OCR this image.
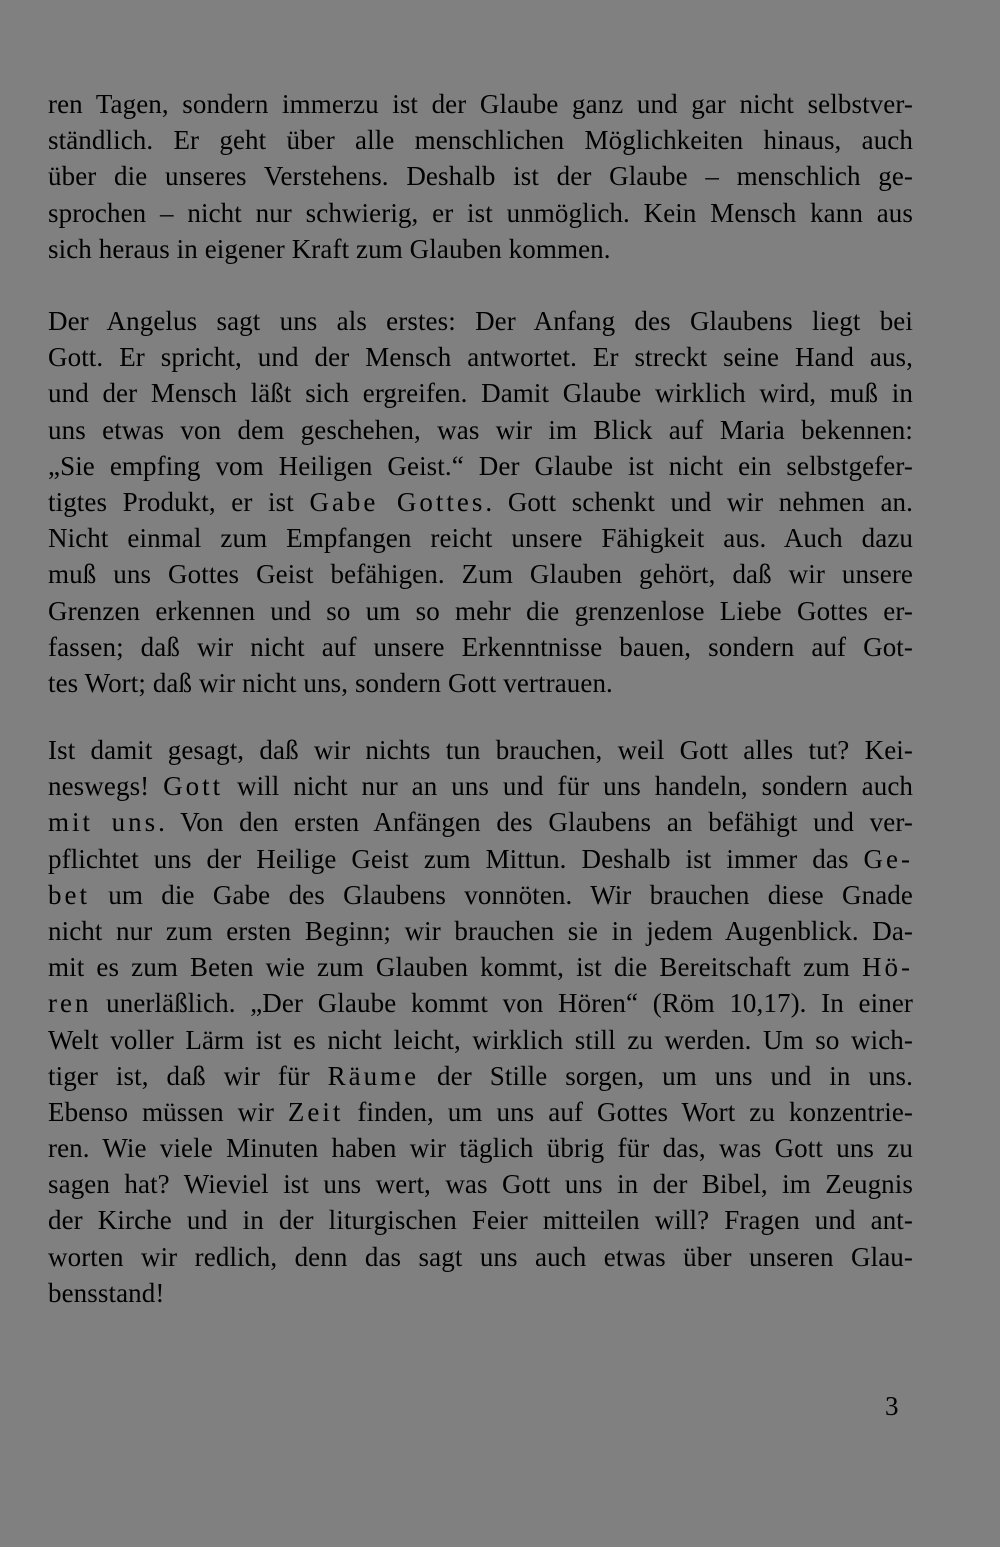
ren Tagen, sondern immerzu ist der Glaube ganz und gar nicht selbstver-
ständlich. Er geht über alle menschlichen Möglichkeiten hinaus, auch
über die unseres Verstehens. Deshalb ist der Glaube – menschlich ge-
sprochen – nicht nur schwierig, er ist unmöglich. Kein Mensch kann aus
sich heraus in eigener Kraft zum Glauben kommen.
Der Angelus sagt uns als erstes: Der Anfang des Glaubens liegt bei
Gott. Er spricht, und der Mensch antwortet. Er streckt seine Hand aus,
und der Mensch läßt sich ergreifen. Damit Glaube wirklich wird, muß in
uns etwas von dem geschehen, was wir im Blick auf Maria bekennen:
„Sie empfing vom Heiligen Geist.“ Der Glaube ist nicht ein selbstgefer-
tigtes Produkt, er ist Gabe Gottes. Gott schenkt und wir nehmen an.
Nicht einmal zum Empfangen reicht unsere Fähigkeit aus. Auch dazu
muß uns Gottes Geist befähigen. Zum Glauben gehört, daß wir unsere
Grenzen erkennen und so um so mehr die grenzenlose Liebe Gottes er-
fassen; daß wir nicht auf unsere Erkenntnisse bauen, sondern auf Got-
tes Wort; daß wir nicht uns, sondern Gott vertrauen.
Ist damit gesagt, daß wir nichts tun brauchen, weil Gott alles tut? Kei-
neswegs! Gott will nicht nur an uns und für uns handeln, sondern auch
mit uns. Von den ersten Anfängen des Glaubens an befähigt und ver-
pflichtet uns der Heilige Geist zum Mittun. Deshalb ist immer das Ge-
bet um die Gabe des Glaubens vonnöten. Wir brauchen diese Gnade
nicht nur zum ersten Beginn; wir brauchen sie in jedem Augenblick. Da-
mit es zum Beten wie zum Glauben kommt, ist die Bereitschaft zum Hö-
ren unerläßlich. „Der Glaube kommt von Hören“ (Röm 10,17). In einer
Welt voller Lärm ist es nicht leicht, wirklich still zu werden. Um so wich-
tiger ist, daß wir für Räume der Stille sorgen, um uns und in uns.
Ebenso müssen wir Zeit finden, um uns auf Gottes Wort zu konzentrie-
ren. Wie viele Minuten haben wir täglich übrig für das, was Gott uns zu
sagen hat? Wieviel ist uns wert, was Gott uns in der Bibel, im Zeugnis
der Kirche und in der liturgischen Feier mitteilen will? Fragen und ant-
worten wir redlich, denn das sagt uns auch etwas über unseren Glau-
bensstand!
3
